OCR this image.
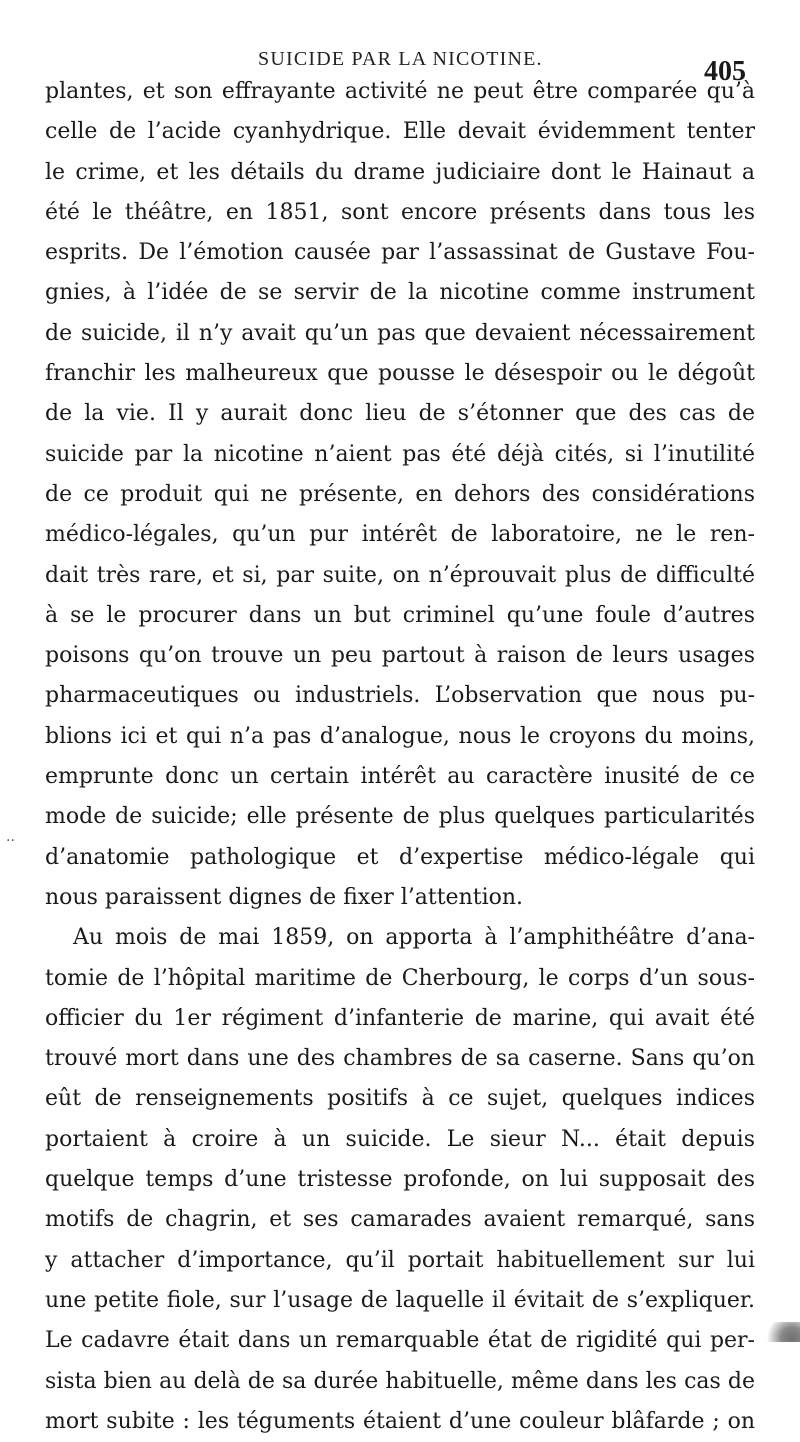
SUICIDE PAR LA NICOTINE.	405
·​·
plantes, et son effrayante activité ne peut être comparée qu’à
celle de l’acide cyanhydrique. Elle devait évidemment tenter
le crime, et les détails du drame judiciaire dont le Hainaut a
été le théâtre, en 1851, sont encore présents dans tous les
esprits. De l’émotion causée par l’assassinat de Gustave Fou-
gnies, à l’idée de se servir de la nicotine comme instrument
de suicide, il n’y avait qu’un pas que devaient nécessairement
franchir les malheureux que pousse le désespoir ou le dégoût
de la vie. Il y aurait donc lieu de s’étonner que des cas de
suicide par la nicotine n’aient pas été déjà cités, si l’inutilité
de ce produit qui ne présente, en dehors des considérations
médico-légales, qu’un pur intérêt de laboratoire, ne le ren-
dait très rare, et si, par suite, on n’éprouvait plus de difficulté
à se le procurer dans un but criminel qu’une foule d’autres
poisons qu’on trouve un peu partout à raison de leurs usages
pharmaceutiques ou industriels. L’observation que nous pu-
blions ici et qui n’a pas d’analogue, nous le croyons du moins,
emprunte donc un certain intérêt au caractère inusité de ce
mode de suicide; elle présente de plus quelques particularités
d’anatomie pathologique et d’expertise médico-légale qui
nous paraissent dignes de fixer l’attention.
Au mois de mai 1859, on apporta à l’amphithéâtre d’ana-
tomie de l’hôpital maritime de Cherbourg, le corps d’un sous-
officier du 1er régiment d’infanterie de marine, qui avait été
trouvé mort dans une des chambres de sa caserne. Sans qu’on
eût de renseignements positifs à ce sujet, quelques indices
portaient à croire à un suicide. Le sieur N... était depuis
quelque temps d’une tristesse profonde, on lui supposait des
motifs de chagrin, et ses camarades avaient remarqué, sans
y attacher d’importance, qu’il portait habituellement sur lui
une petite fiole, sur l’usage de laquelle il évitait de s’expliquer.
Le cadavre était dans un remarquable état de rigidité qui per-
sista bien au delà de sa durée habituelle, même dans les cas de
mort subite : les téguments étaient d’une couleur blâfarde ; on
